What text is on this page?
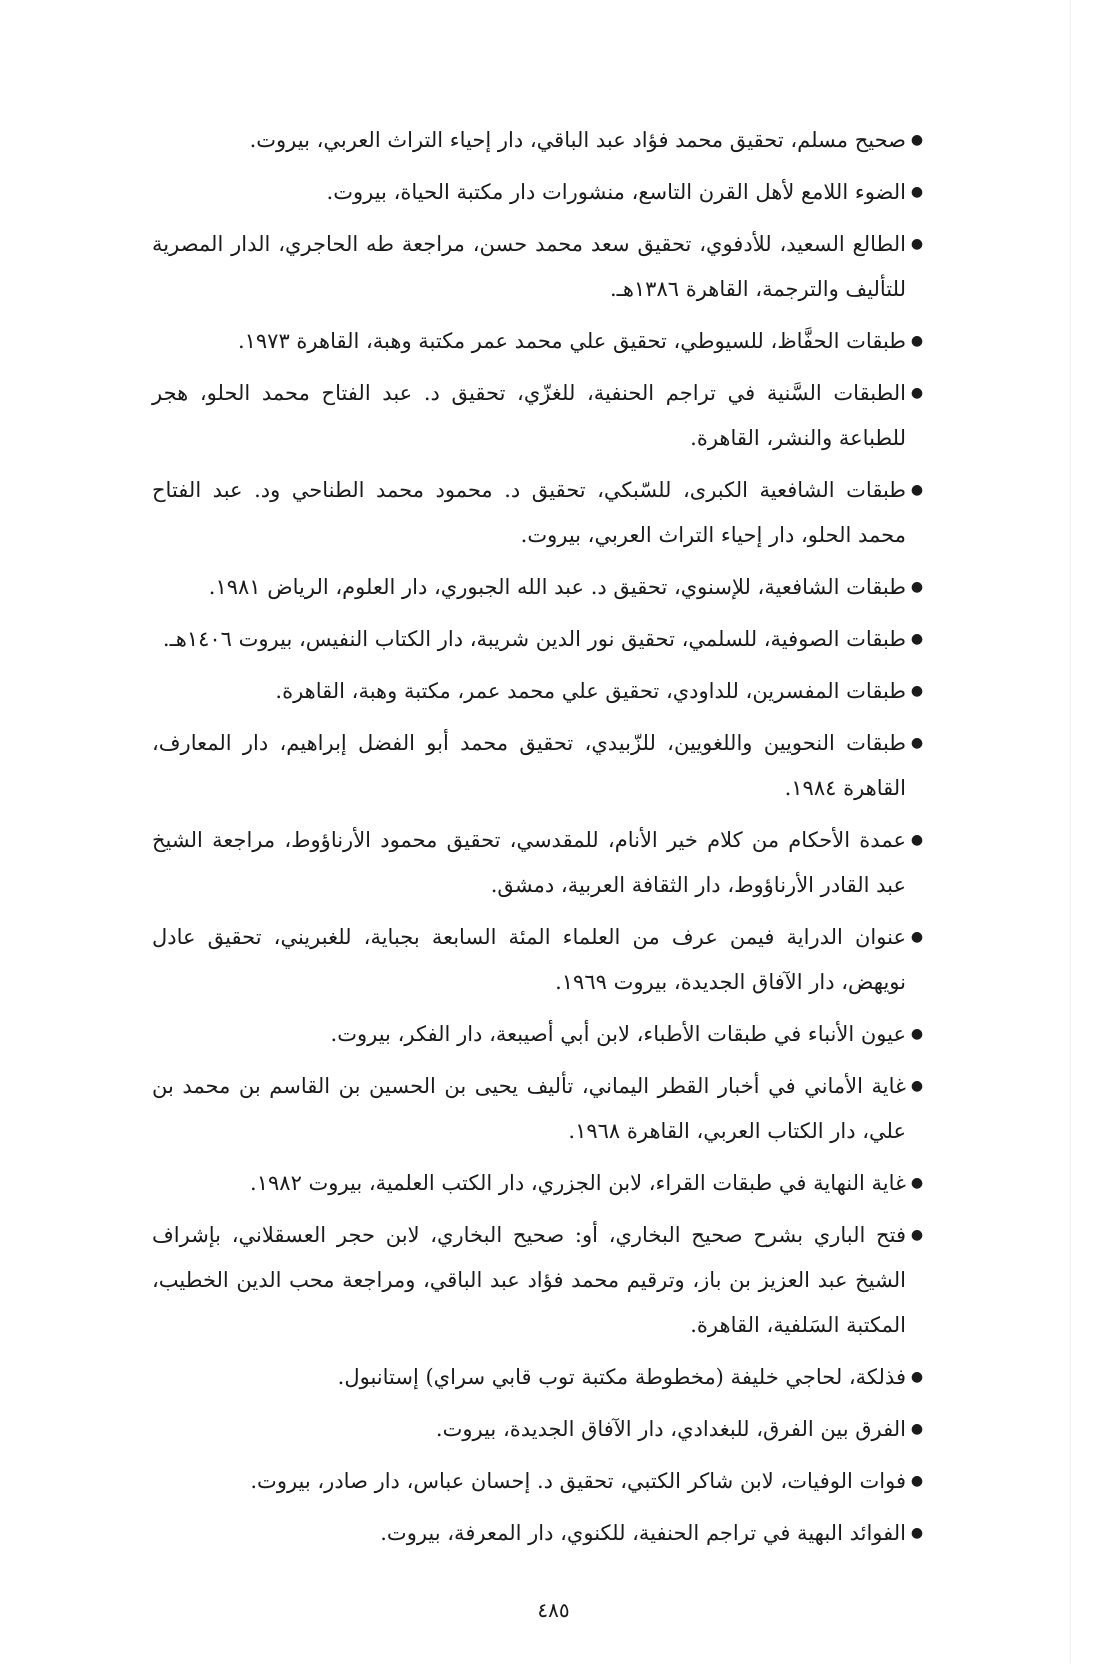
●
صحيح مسلم، تحقيق محمد فؤاد عبد الباقي، دار إحياء التراث العربي، بيروت.
●
الضوء اللامع لأهل القرن التاسع، منشورات دار مكتبة الحياة، بيروت.
●
الطالع السعيد، للأدفوي، تحقيق سعد محمد حسن، مراجعة طه الحاجري، الدار المصرية للتأليف والترجمة، القاهرة ١٣٨٦هـ.
●
طبقات الحفَّاظ، للسيوطي، تحقيق علي محمد عمر مكتبة وهبة، القاهرة ١٩٧٣.
●
الطبقات السَّنية في تراجم الحنفية، للغزّي، تحقيق د. عبد الفتاح محمد الحلو، هجر للطباعة والنشر، القاهرة.
●
طبقات الشافعية الكبرى، للسّبكي، تحقيق د. محمود محمد الطناحي ود. عبد الفتاح محمد الحلو، دار إحياء التراث العربي، بيروت.
●
طبقات الشافعية، للإسنوي، تحقيق د. عبد الله الجبوري، دار العلوم، الرياض ١٩٨١.
●
طبقات الصوفية، للسلمي، تحقيق نور الدين شريبة، دار الكتاب النفيس، بيروت ١٤٠٦هـ.
●
طبقات المفسرين، للداودي، تحقيق علي محمد عمر، مكتبة وهبة، القاهرة.
●
طبقات النحويين واللغويين، للزّبيدي، تحقيق محمد أبو الفضل إبراهيم، دار المعارف، القاهرة ١٩٨٤.
●
عمدة الأحكام من كلام خير الأنام، للمقدسي، تحقيق محمود الأرناؤوط، مراجعة الشيخ عبد القادر الأرناؤوط، دار الثقافة العربية، دمشق.
●
عنوان الدراية فيمن عرف من العلماء المئة السابعة بجباية، للغبريني، تحقيق عادل نويهض، دار الآفاق الجديدة، بيروت ١٩٦٩.
●
عيون الأنباء في طبقات الأطباء، لابن أبي أصيبعة، دار الفكر، بيروت.
●
غاية الأماني في أخبار القطر اليماني، تأليف يحيى بن الحسين بن القاسم بن محمد بن علي، دار الكتاب العربي، القاهرة ١٩٦٨.
●
غاية النهاية في طبقات القراء، لابن الجزري، دار الكتب العلمية، بيروت ١٩٨٢.
●
فتح الباري بشرح صحيح البخاري، أو: صحيح البخاري، لابن حجر العسقلاني، بإشراف الشيخ عبد العزيز بن باز، وترقيم محمد فؤاد عبد الباقي، ومراجعة محب الدين الخطيب، المكتبة السَلفية، القاهرة.
●
فذلكة، لحاجي خليفة (مخطوطة مكتبة توب قابي سراي) إستانبول.
●
الفرق بين الفرق، للبغدادي، دار الآفاق الجديدة، بيروت.
●
فوات الوفيات، لابن شاكر الكتبي، تحقيق د. إحسان عباس، دار صادر، بيروت.
●
الفوائد البهية في تراجم الحنفية، للكنوي، دار المعرفة، بيروت.
٤٨٥
